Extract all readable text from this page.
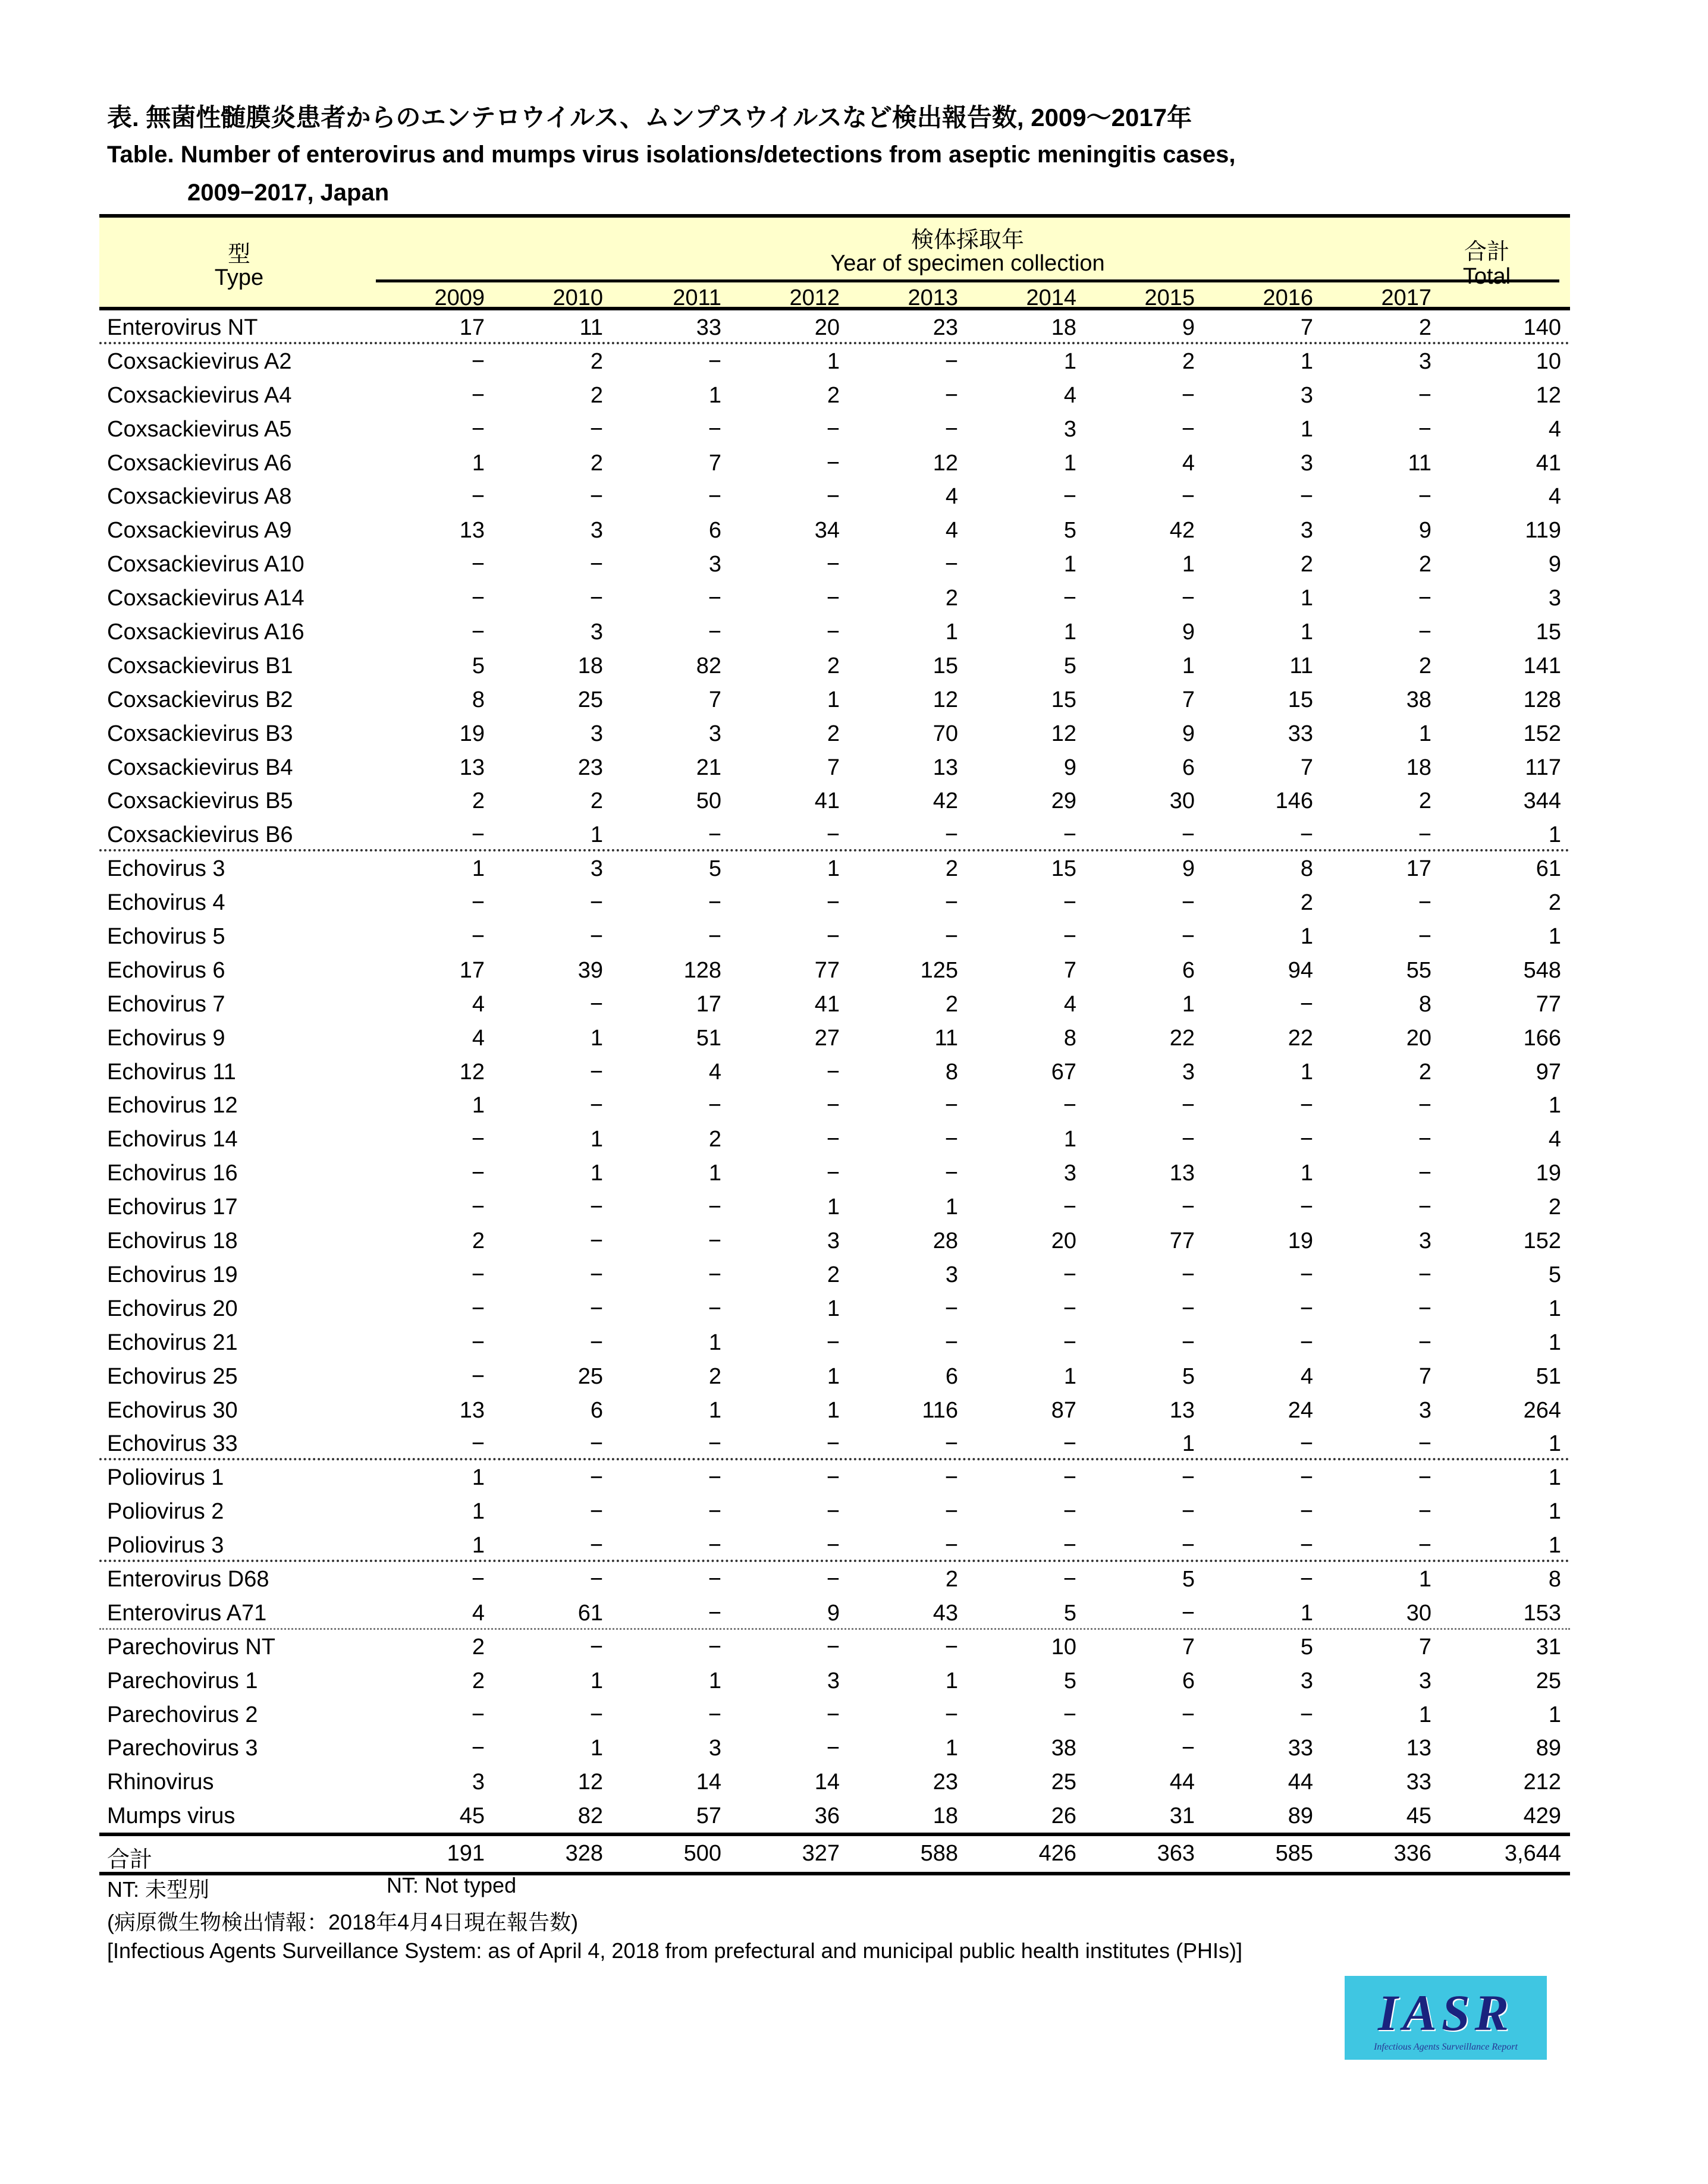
表. 無菌性髄膜炎患者からのエンテロウイルス、ムンプスウイルスなど検出報告数, 2009～2017年
Table. Number of enterovirus and mumps virus isolations/detections from aseptic meningitis cases,
2009−2017, Japan
型
Type
検体採取年
Year of specimen collection
2009	2010	2011	2012	2013	2014	2015	2016	2017
合計
Total
Enterovirus NT	17	11	33	20	23	18	9	7	2	140
Coxsackievirus A2	−	2	−	1	−	1	2	1	3	10
Coxsackievirus A4	−	2	1	2	−	4	−	3	−	12
Coxsackievirus A5	−	−	−	−	−	3	−	1	−	4
Coxsackievirus A6	1	2	7	−	12	1	4	3	11	41
Coxsackievirus A8	−	−	−	−	4	−	−	−	−	4
Coxsackievirus A9	13	3	6	34	4	5	42	3	9	119
Coxsackievirus A10	−	−	3	−	−	1	1	2	2	9
Coxsackievirus A14	−	−	−	−	2	−	−	1	−	3
Coxsackievirus A16	−	3	−	−	1	1	9	1	−	15
Coxsackievirus B1	5	18	82	2	15	5	1	11	2	141
Coxsackievirus B2	8	25	7	1	12	15	7	15	38	128
Coxsackievirus B3	19	3	3	2	70	12	9	33	1	152
Coxsackievirus B4	13	23	21	7	13	9	6	7	18	117
Coxsackievirus B5	2	2	50	41	42	29	30	146	2	344
Coxsackievirus B6	−	1	−	−	−	−	−	−	−	1
Echovirus 3	1	3	5	1	2	15	9	8	17	61
Echovirus 4	−	−	−	−	−	−	−	2	−	2
Echovirus 5	−	−	−	−	−	−	−	1	−	1
Echovirus 6	17	39	128	77	125	7	6	94	55	548
Echovirus 7	4	−	17	41	2	4	1	−	8	77
Echovirus 9	4	1	51	27	11	8	22	22	20	166
Echovirus 11	12	−	4	−	8	67	3	1	2	97
Echovirus 12	1	−	−	−	−	−	−	−	−	1
Echovirus 14	−	1	2	−	−	1	−	−	−	4
Echovirus 16	−	1	1	−	−	3	13	1	−	19
Echovirus 17	−	−	−	1	1	−	−	−	−	2
Echovirus 18	2	−	−	3	28	20	77	19	3	152
Echovirus 19	−	−	−	2	3	−	−	−	−	5
Echovirus 20	−	−	−	1	−	−	−	−	−	1
Echovirus 21	−	−	1	−	−	−	−	−	−	1
Echovirus 25	−	25	2	1	6	1	5	4	7	51
Echovirus 30	13	6	1	1	116	87	13	24	3	264
Echovirus 33	−	−	−	−	−	−	1	−	−	1
Poliovirus 1	1	−	−	−	−	−	−	−	−	1
Poliovirus 2	1	−	−	−	−	−	−	−	−	1
Poliovirus 3	1	−	−	−	−	−	−	−	−	1
Enterovirus D68	−	−	−	−	2	−	5	−	1	8
Enterovirus A71	4	61	−	9	43	5	−	1	30	153
Parechovirus NT	2	−	−	−	−	10	7	5	7	31
Parechovirus 1	2	1	1	3	1	5	6	3	3	25
Parechovirus 2	−	−	−	−	−	−	−	−	1	1
Parechovirus 3	−	1	3	−	1	38	−	33	13	89
Rhinovirus	3	12	14	14	23	25	44	44	33	212
Mumps virus	45	82	57	36	18	26	31	89	45	429
合計	191	328	500	327	588	426	363	585	336	3,644
NT: 未型別	NT: Not typed
(病原微生物検出情報：2018年4月4日現在報告数)
[Infectious Agents Surveillance System: as of April 4, 2018 from prefectural and municipal public health institutes (PHIs)]
IASR
Infectious Agents Surveillance Report
